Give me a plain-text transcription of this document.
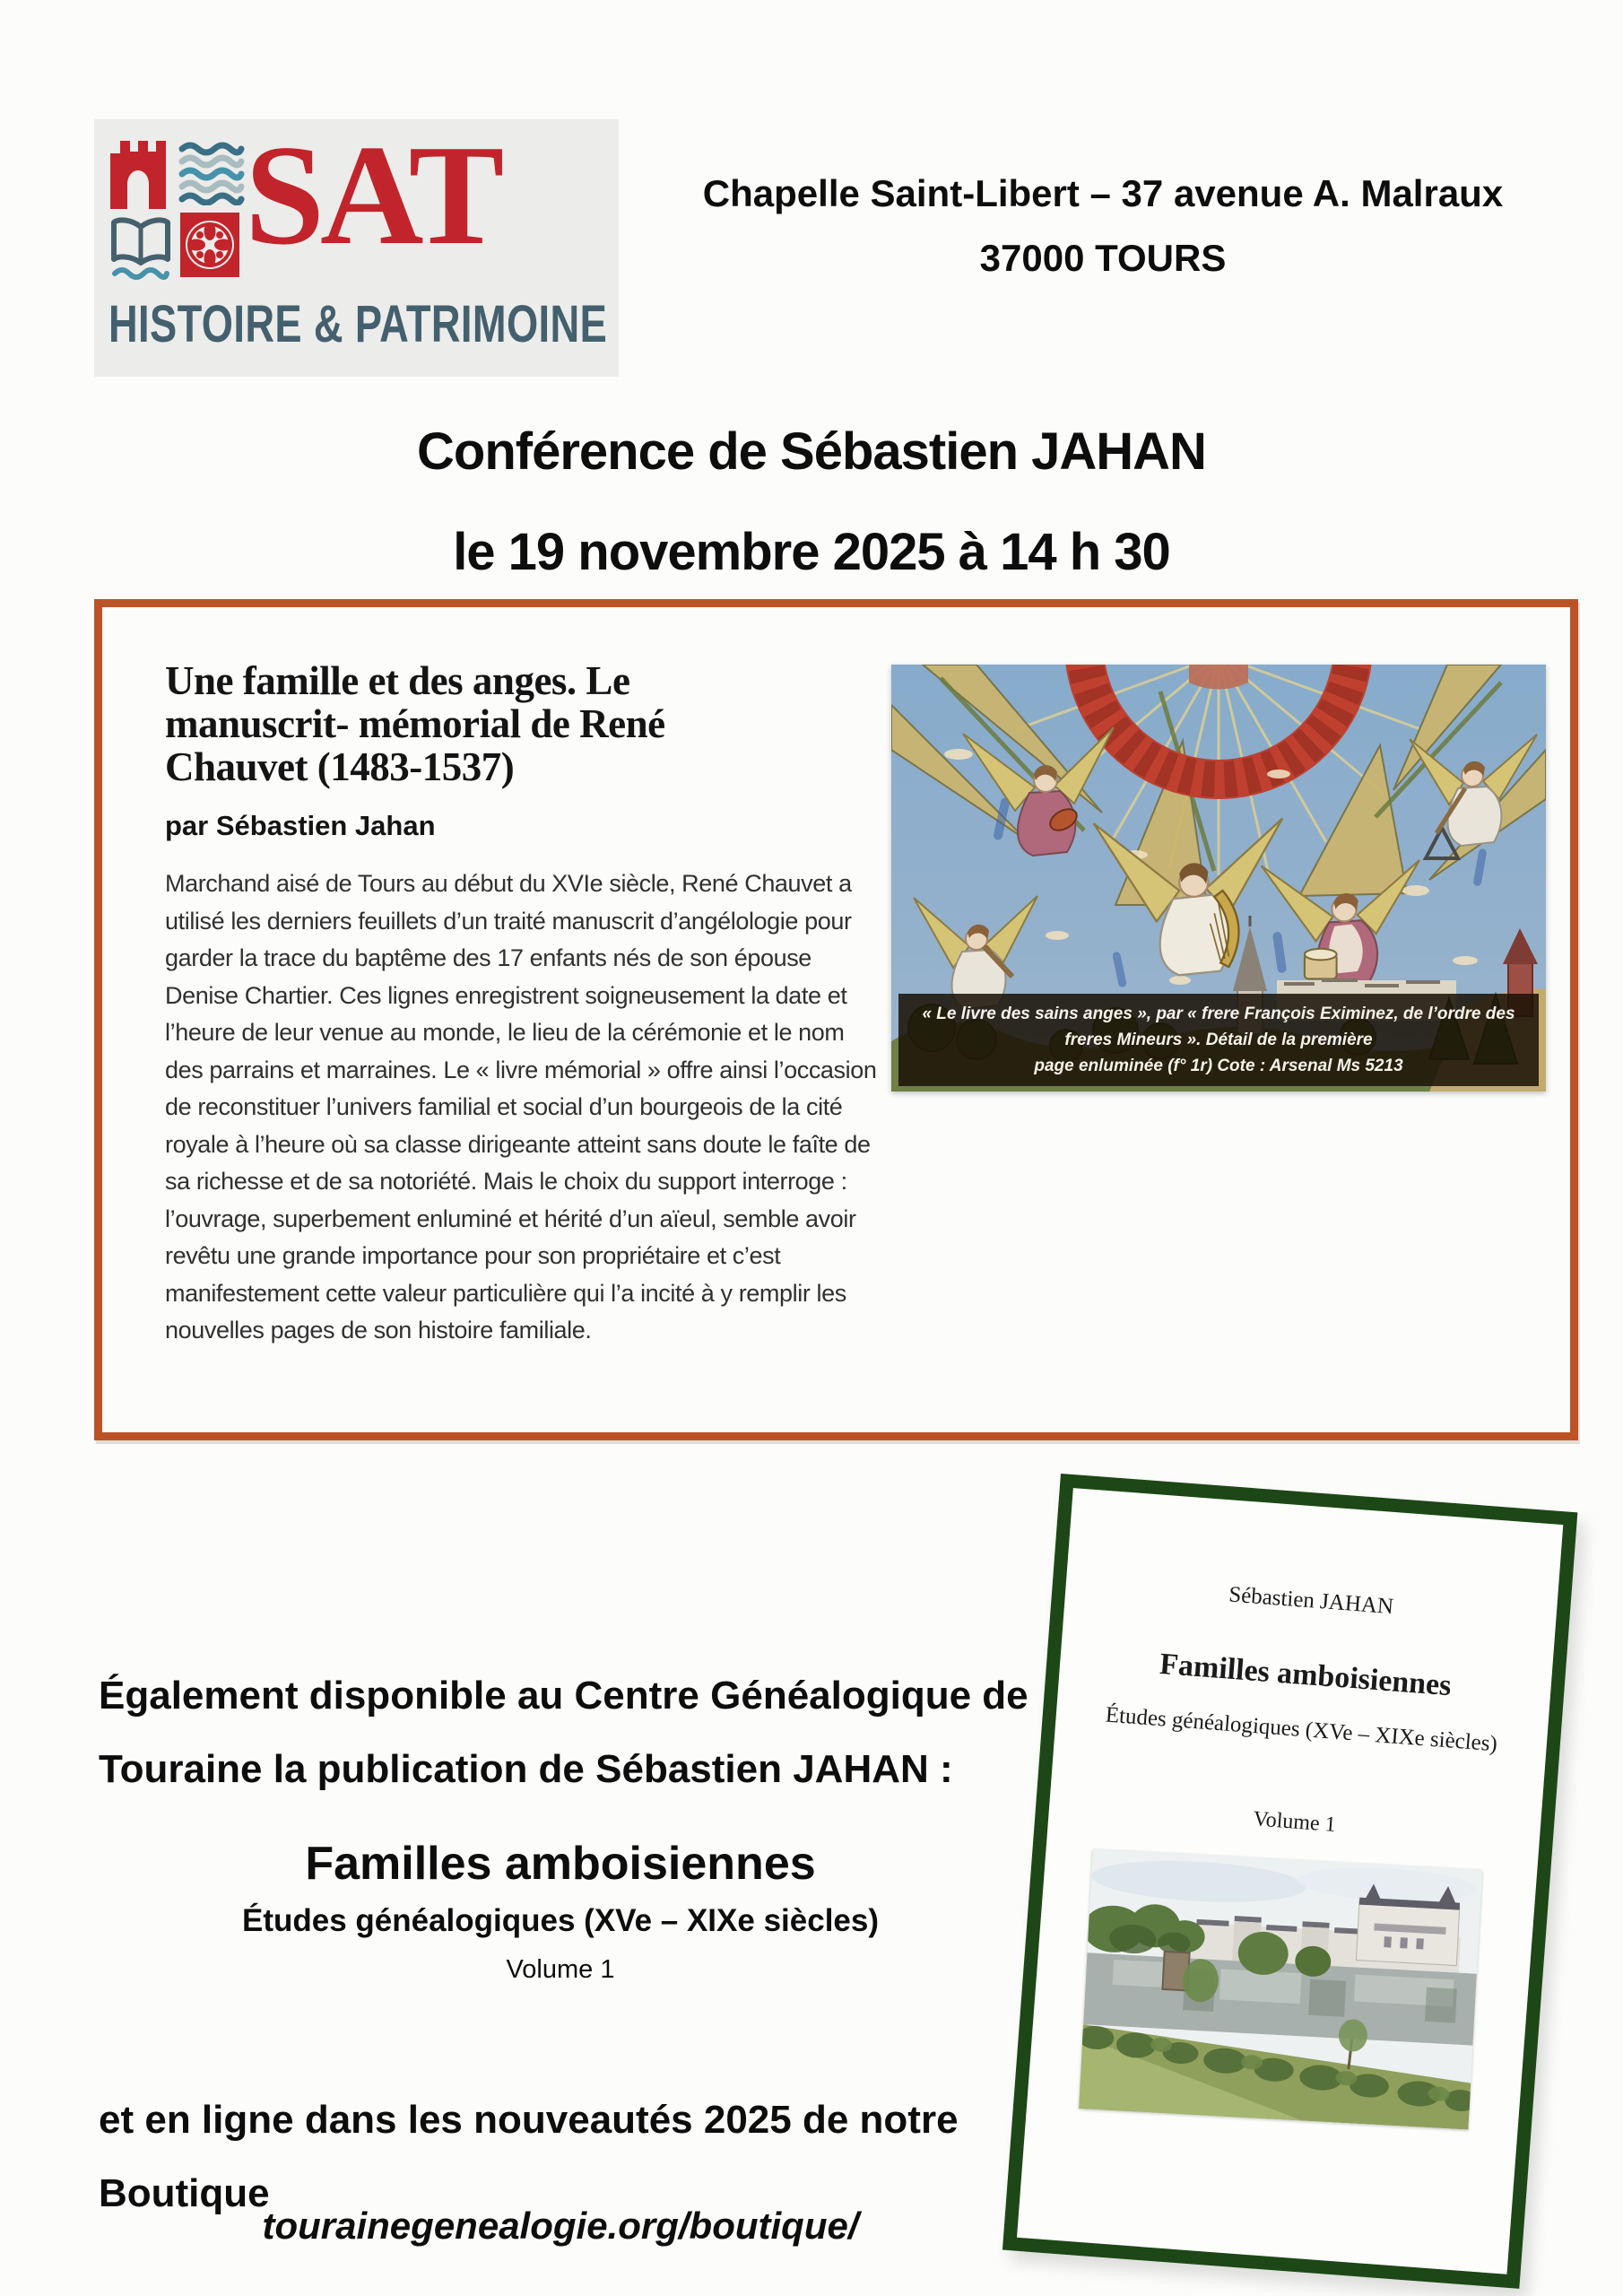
SAT
HISTOIRE & PATRIMOINE
Chapelle Saint-Libert – 37 avenue A. Malraux
37000 TOURS
Conférence de Sébastien JAHAN
le 19 novembre 2025 à 14 h 30
Une famille et des anges. Le manuscrit- mémorial de René Chauvet (1483-1537)
par Sébastien Jahan

Marchand aisé de Tours au début du XVIe siècle, René Chauvet a utilisé les derniers feuillets d’un traité manuscrit d’angélologie pour garder la trace du baptême des 17 enfants nés de son épouse Denise Chartier. Ces lignes enregistrent soigneusement la date et l’heure de leur venue au monde, le lieu de la cérémonie et le nom des parrains et marraines. Le « livre mémorial » offre ainsi l’occasion de reconstituer l’univers familial et social d’un bourgeois de la cité royale à l’heure où sa classe dirigeante atteint sans doute le faîte de sa richesse et de sa notoriété. Mais le choix du support interroge : l’ouvrage, superbement enluminé et hérité d’un aïeul, semble avoir revêtu une grande importance pour son propriétaire et c’est manifestement cette valeur particulière qui l’a incité à y remplir les nouvelles pages de son histoire familiale.

« Le livre des sains anges », par « frere François Eximinez, de l’ordre des freres Mineurs ». Détail de la première
page enluminée (f° 1r) Cote : Arsenal Ms 5213
Également disponible au Centre Généalogique de
Touraine la publication de Sébastien JAHAN :
Familles amboisiennes
Études généalogiques (XVe – XIXe siècles)
Volume 1
et en ligne dans les nouveautés 2025 de notre
Boutique
tourainegenealogie.org/boutique/
Sébastien JAHAN
Familles amboisiennes
Études généalogiques (XVe – XIXe siècles)
Volume 1
